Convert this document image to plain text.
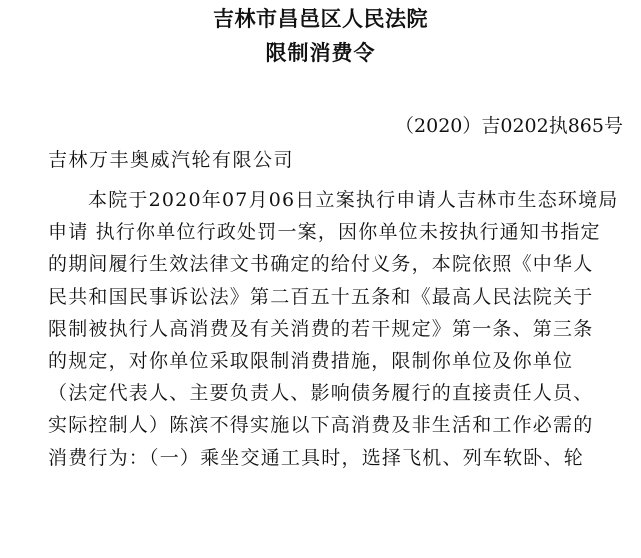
吉林市昌邑区人民法院
限制消费令
（2020）吉0202执865号
吉林万丰奥威汽轮有限公司
本院于2020年07月06日立案执行申请人吉林市生态环境局
申请 执行你单位行政处罚一案，因你单位未按执行通知书指定
的期间履行生效法律文书确定的给付义务，本院依照《中华人
民共和国民事诉讼法》第二百五十五条和《最高人民法院关于
限制被执行人高消费及有关消费的若干规定》第一条、第三条
的规定，对你单位采取限制消费措施，限制你单位及你单位
（法定代表人、主要负责人、影响债务履行的直接责任人员、
实际控制人）陈滨不得实施以下高消费及非生活和工作必需的
消费行为：（一）乘坐交通工具时，选择飞机、列车软卧、轮
